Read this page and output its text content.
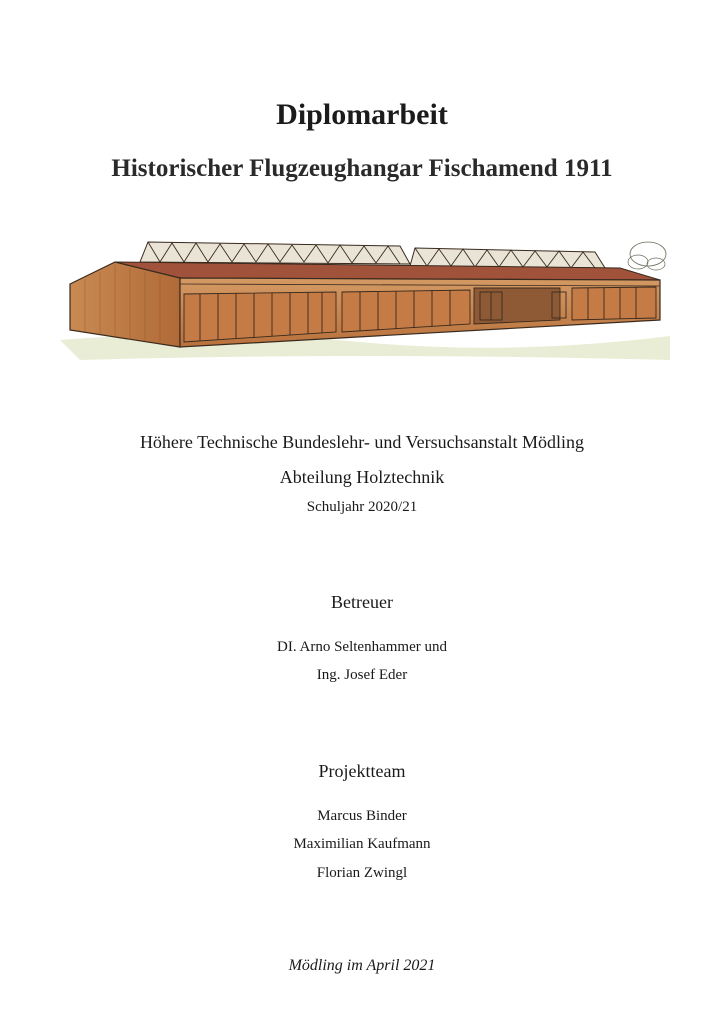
Diplomarbeit
Historischer Flugzeughangar Fischamend 1911

Höhere Technische Bundeslehr- und Versuchsanstalt Mödling

Abteilung Holztechnik

Schuljahr 2020/21

Betreuer

DI. Arno Seltenhammer und

Ing. Josef Eder

Projektteam

Marcus Binder

Maximilian Kaufmann

Florian Zwingl

Mödling im April 2021
